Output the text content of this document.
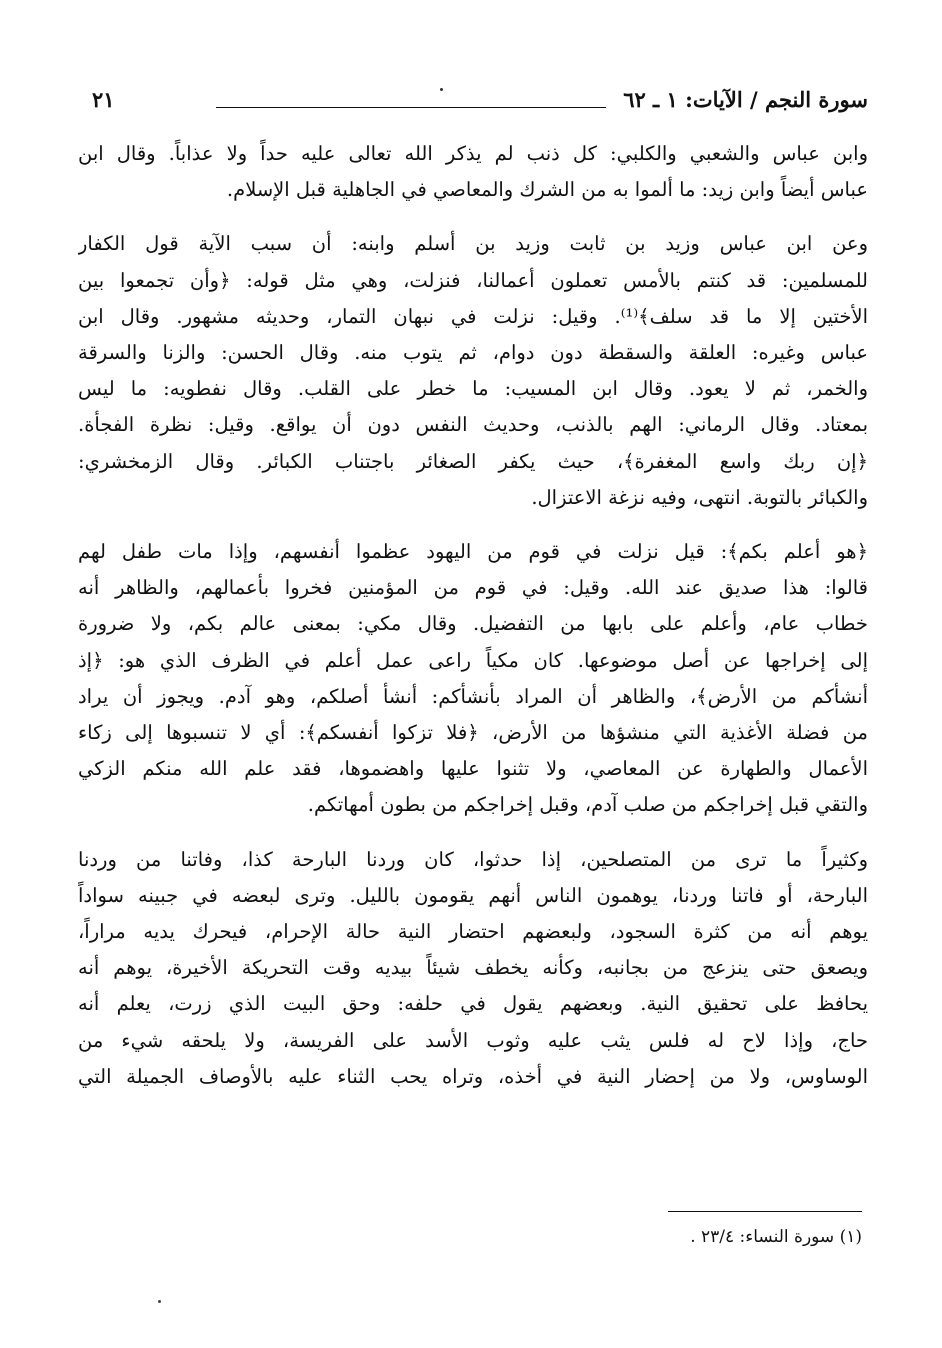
سورة النجم / الآيات: ١ ـ ٦٢
٢١
وابن عباس والشعبي والكلبي: كل ذنب لم يذكر الله تعالى عليه حداً ولا عذاباً. وقال ابن
عباس أيضاً وابن زيد: ما ألموا به من الشرك والمعاصي في الجاهلية قبل الإسلام.
وعن ابن عباس وزيد بن ثابت وزيد بن أسلم وابنه: أن سبب الآية قول الكفار
للمسلمين: قد كنتم بالأمس تعملون أعمالنا، فنزلت، وهي مثل قوله: ﴿وأن تجمعوا بين
الأختين إلا ما قد سلف﴾⁽¹⁾. وقيل: نزلت في نبهان التمار، وحديثه مشهور. وقال ابن
عباس وغيره: العلقة والسقطة دون دوام، ثم يتوب منه. وقال الحسن: والزنا والسرقة
والخمر، ثم لا يعود. وقال ابن المسيب: ما خطر على القلب. وقال نفطويه: ما ليس
بمعتاد. وقال الرماني: الهم بالذنب، وحديث النفس دون أن يواقع. وقيل: نظرة الفجأة.
﴿إن ربك واسع المغفرة﴾، حيث يكفر الصغائر باجتناب الكبائر. وقال الزمخشري:
والكبائر بالتوبة. انتهى، وفيه نزغة الاعتزال.
﴿هو أعلم بكم﴾: قيل نزلت في قوم من اليهود عظموا أنفسهم، وإذا مات طفل لهم
قالوا: هذا صديق عند الله. وقيل: في قوم من المؤمنين فخروا بأعمالهم، والظاهر أنه
خطاب عام، وأعلم على بابها من التفضيل. وقال مكي: بمعنى عالم بكم، ولا ضرورة
إلى إخراجها عن أصل موضوعها. كان مكياً راعى عمل أعلم في الظرف الذي هو: ﴿إذ
أنشأكم من الأرض﴾، والظاهر أن المراد بأنشأكم: أنشأ أصلكم، وهو آدم. ويجوز أن يراد
من فضلة الأغذية التي منشؤها من الأرض، ﴿فلا تزكوا أنفسكم﴾: أي لا تنسبوها إلى زكاء
الأعمال والطهارة عن المعاصي، ولا تثنوا عليها واهضموها، فقد علم الله منكم الزكي
والتقي قبل إخراجكم من صلب آدم، وقبل إخراجكم من بطون أمهاتكم.
وكثيراً ما ترى من المتصلحين، إذا حدثوا، كان وردنا البارحة كذا، وفاتنا من وردنا
البارحة، أو فاتنا وردنا، يوهمون الناس أنهم يقومون بالليل. وترى لبعضه في جبينه سواداً
يوهم أنه من كثرة السجود، ولبعضهم احتضار النية حالة الإحرام، فيحرك يديه مراراً،
ويصعق حتى ينزعج من بجانبه، وكأنه يخطف شيئاً بيديه وقت التحريكة الأخيرة، يوهم أنه
يحافظ على تحقيق النية. وبعضهم يقول في حلفه: وحق البيت الذي زرت، يعلم أنه
حاج، وإذا لاح له فلس يثب عليه وثوب الأسد على الفريسة، ولا يلحقه شيء من
الوساوس، ولا من إحضار النية في أخذه، وتراه يحب الثناء عليه بالأوصاف الجميلة التي
(١) سورة النساء: ٢٣/٤ .
